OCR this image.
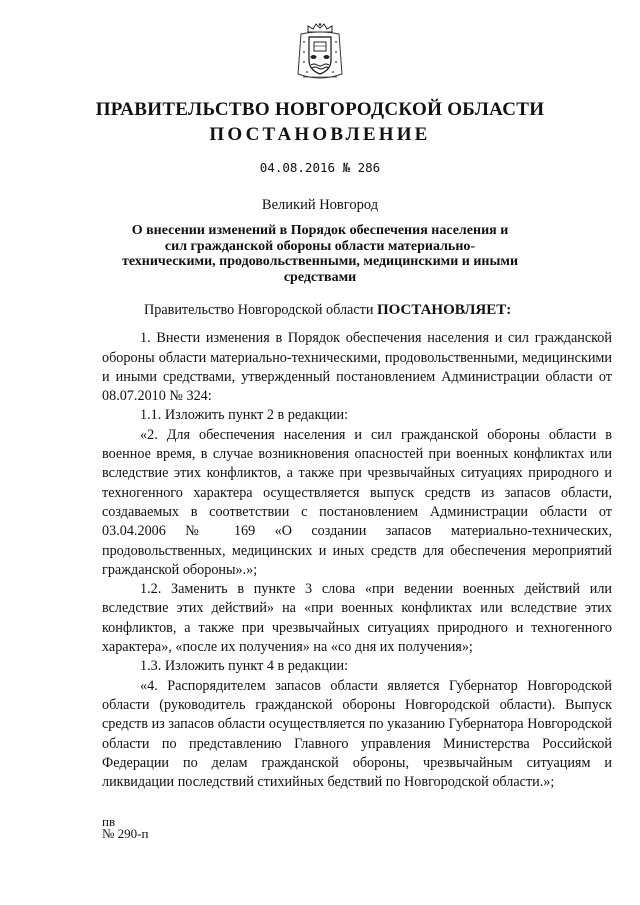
ПРАВИТЕЛЬСТВО НОВГОРОДСКОЙ ОБЛАСТИ
ПОСТАНОВЛЕНИЕ
04.08.2016 № 286
Великий Новгород
О внесении изменений в Порядок обеспечения населения и сил гражданской обороны области материально-техническими, продовольственными, медицинскими и иными средствами

Правительство Новгородской области ПОСТАНОВЛЯЕТ:

1. Внести изменения в Порядок обеспечения населения и сил гражданской обороны области материально-техническими, продовольственными, медицинскими и иными средствами, утвержденный постановлением Администрации области от 08.07.2010 № 324:

1.1. Изложить пункт 2 в редакции:

«2. Для обеспечения населения и сил гражданской обороны области в военное время, в случае возникновения опасностей при военных конфликтах или вследствие этих конфликтов, а также при чрезвычайных ситуациях природного и техногенного характера осуществляется выпуск средств из запасов области, создаваемых в соответствии с постановлением Администрации области от 03.04.2006 № 169 «О создании запасов материально-технических, продовольственных, медицинских и иных средств для обеспечения мероприятий гражданской обороны».»;

1.2. Заменить в пункте 3 слова «при ведении военных действий или вследствие этих действий» на «при военных конфликтах или вследствие этих конфликтов, а также при чрезвычайных ситуациях природного и техногенного характера», «после их получения» на «со дня их получения»;

1.3. Изложить пункт 4 в редакции:

«4. Распорядителем запасов области является Губернатор Новгородской области (руководитель гражданской обороны Новгородской области). Выпуск средств из запасов области осуществляется по указанию Губернатора Новгородской области по представлению Главного управления Министерства Российской Федерации по делам гражданской обороны, чрезвычайным ситуациям и ликвидации последствий стихийных бедствий по Новгородской области.»;

пв
№ 290-п
